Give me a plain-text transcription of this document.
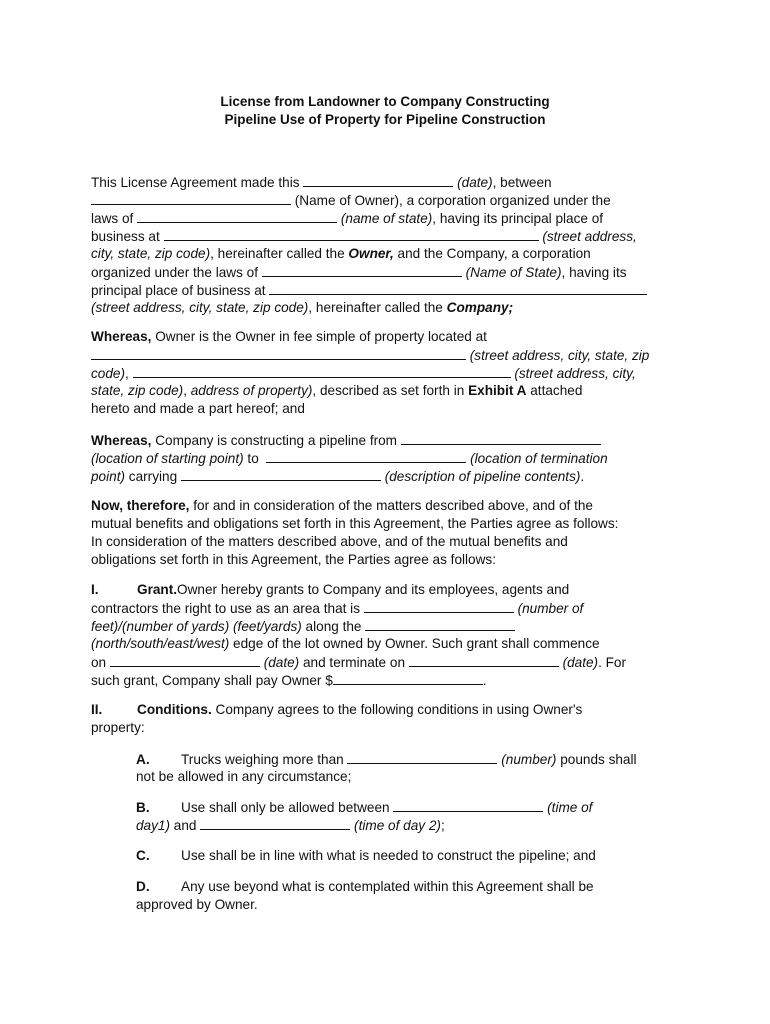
License from Landowner to Company Constructing
Pipeline Use of Property for Pipeline Construction
This License Agreement made this	(date), between
(Name of Owner), a corporation organized under the
laws of	(name of state), having its principal place of
business at	(street address,
city, state, zip code), hereinafter called the Owner, and the Company, a corporation
organized under the laws of	(Name of State), having its
principal place of business at
(street address, city, state, zip code), hereinafter called the Company;
Whereas, Owner is the Owner in fee simple of property located at
(street address, city, state, zip
code),	(street address, city,
state, zip code), address of property), described as set forth in Exhibit A attached
hereto and made a part hereof; and
Whereas, Company is constructing a pipeline from
(location of starting point) to	(location of termination
point) carrying	(description of pipeline contents).
Now, therefore, for and in consideration of the matters described above, and of the
mutual benefits and obligations set forth in this Agreement, the Parties agree as follows:
In consideration of the matters described above, and of the mutual benefits and
obligations set forth in this Agreement, the Parties agree as follows:
I.	Grant.Owner hereby grants to Company and its employees, agents and
contractors the right to use as an area that is	(number of
feet)/(number of yards) (feet/yards) along the
(north/south/east/west) edge of the lot owned by Owner. Such grant shall commence
on	(date) and terminate on	(date). For
such grant, Company shall pay Owner $	.
II.	Conditions. Company agrees to the following conditions in using Owner's
property:
A. Trucks weighing more than	(number) pounds shall
not be allowed in any circumstance;
B. Use shall only be allowed between	(time of
day1) and	(time of day 2);
C. Use shall be in line with what is needed to construct the pipeline; and
D. Any use beyond what is contemplated within this Agreement shall be
approved by Owner.
